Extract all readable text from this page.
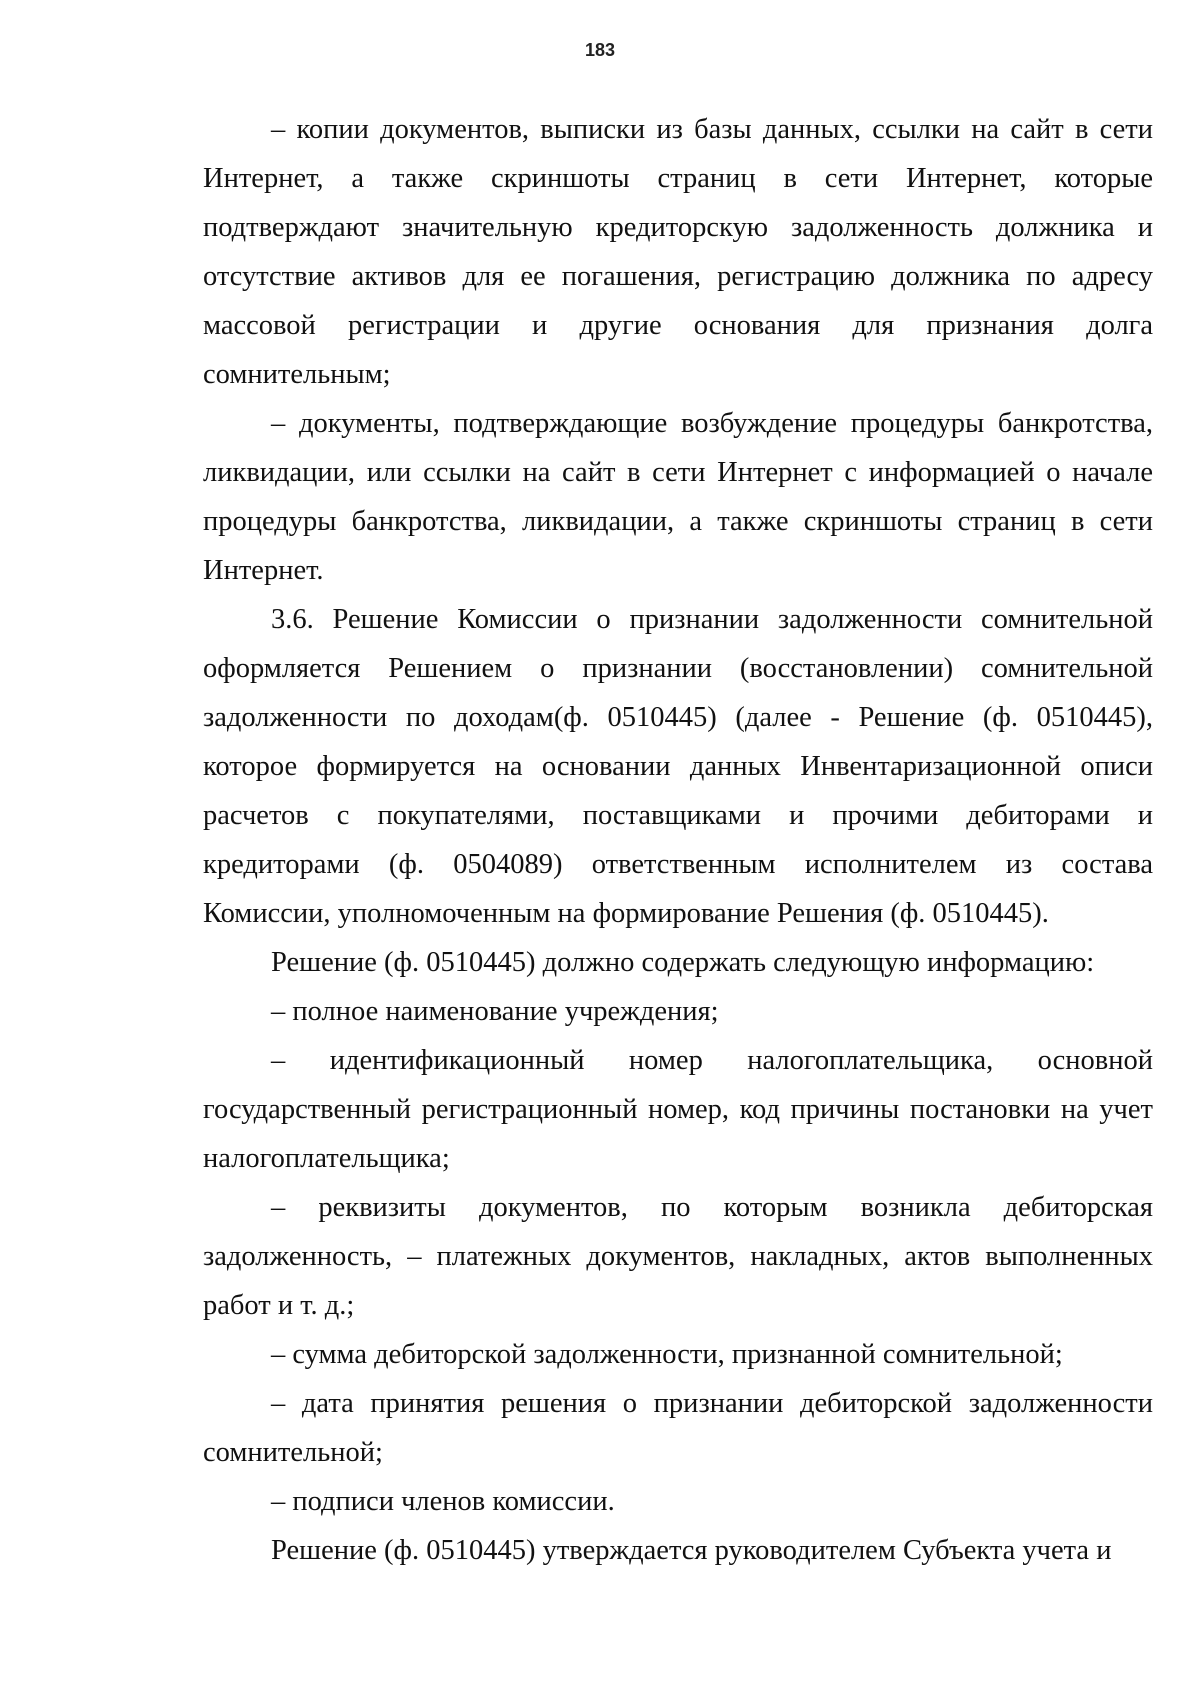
183

– копии документов, выписки из базы данных, ссылки на сайт в сети Интернет, а также скриншоты страниц в сети Интернет, которые подтверждают значительную кредиторскую задолженность должника и отсутствие активов для ее погашения, регистрацию должника по адресу массовой регистрации и другие основания для признания долга сомнительным;

– документы, подтверждающие возбуждение процедуры банкротства, ликвидации, или ссылки на сайт в сети Интернет с информацией о начале процедуры банкротства, ликвидации, а также скриншоты страниц в сети Интернет.

3.6. Решение Комиссии о признании задолженности сомнительной оформляется Решением о признании (восстановлении) сомнительной задолженности по доходам(ф. 0510445) (далее - Решение (ф. 0510445), которое формируется на основании данных Инвентаризационной описи расчетов с покупателями, поставщиками и прочими дебиторами и кредиторами (ф. 0504089) ответственным исполнителем из состава Комиссии, уполномоченным на формирование Решения (ф. 0510445).

Решение (ф. 0510445) должно содержать следующую информацию:

– полное наименование учреждения;

– идентификационный номер налогоплательщика, основной государственный регистрационный номер, код причины постановки на учет налогоплательщика;

– реквизиты документов, по которым возникла дебиторская задолженность, – платежных документов, накладных, актов выполненных работ и т. д.;

– сумма дебиторской задолженности, признанной сомнительной;

– дата принятия решения о признании дебиторской задолженности сомнительной;

– подписи членов комиссии.

Решение (ф. 0510445) утверждается руководителем Субъекта учета и
